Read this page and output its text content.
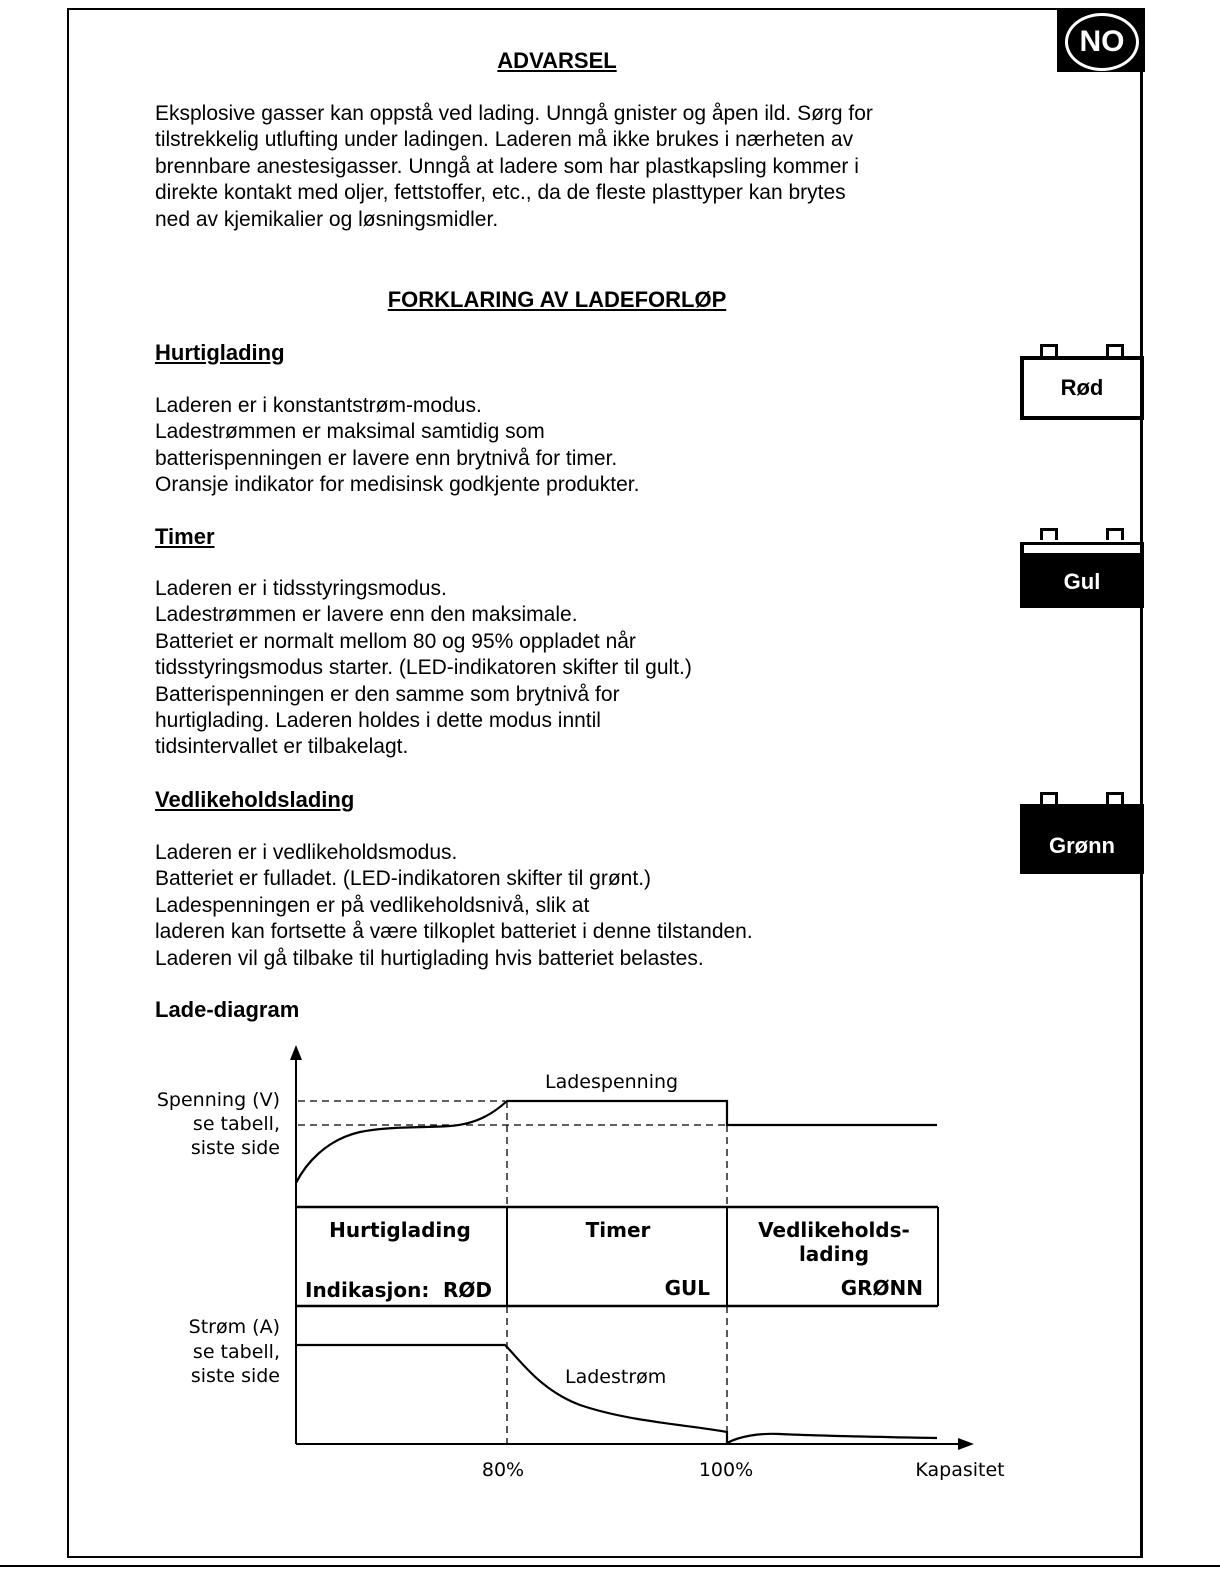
NO
ADVARSEL
Eksplosive gasser kan oppstå ved lading. Unngå gnister og åpen ild. Sørg for
tilstrekkelig utlufting under ladingen. Laderen må ikke brukes i nærheten av
brennbare anestesigasser. Unngå at ladere som har plastkapsling kommer i
direkte kontakt med oljer, fettstoffer, etc., da de fleste plasttyper kan brytes
ned av kjemikalier og løsningsmidler.
FORKLARING AV LADEFORLØP
Hurtiglading
Laderen er i konstantstrøm-modus.
Ladestrømmen er maksimal samtidig som
batterispenningen er lavere enn brytnivå for timer.
Oransje indikator for medisinsk godkjente produkter.
Timer
Laderen er i tidsstyringsmodus.
Ladestrømmen er lavere enn den maksimale.
Batteriet er normalt mellom 80 og 95% oppladet når
tidsstyringsmodus starter. (LED-indikatoren skifter til gult.)
Batterispenningen er den samme som brytnivå for
hurtiglading. Laderen holdes i dette modus inntil
tidsintervallet er tilbakelagt.
Vedlikeholdslading
Laderen er i vedlikeholdsmodus.
Batteriet er fulladet. (LED-indikatoren skifter til grønt.)
Ladespenningen er på vedlikeholdsnivå, slik at
laderen kan fortsette å være tilkoplet batteriet i denne tilstanden.
Laderen vil gå tilbake til hurtiglading hvis batteriet belastes.
Rød
Gul
Grønn
Lade-diagram
Spenning (V)
se tabell,
siste side
Strøm (A)
se tabell,
siste side
Ladespenning
Ladestrøm
Hurtiglading	Timer	Vedlikeholds-
lading
Indikasjon: RØD	GUL	GRØNN
80%	100%	Kapasitet
